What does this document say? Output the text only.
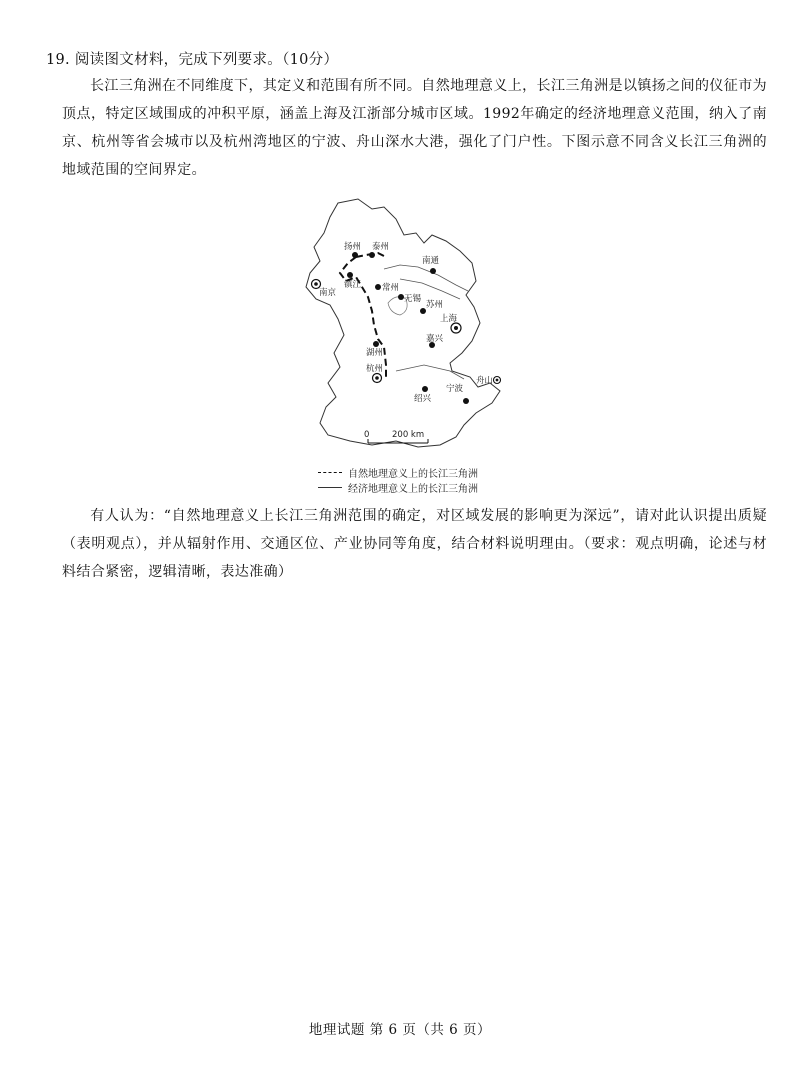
19. 阅读图文材料，完成下列要求。（10分）
长江三角洲在不同维度下，其定义和范围有所不同。自然地理意义上，长江三角洲是以镇扬之间的仪征市为顶点，特定区域围成的冲积平原，涵盖上海及江浙部分城市区域。1992年确定的经济地理意义范围，纳入了南京、杭州等省会城市以及杭州湾地区的宁波、舟山深水大港，强化了门户性。下图示意不同含义长江三角洲的地域范围的空间界定。
扬州 泰州
南通
南京
镇江 常州
无锡
苏州
上海
嘉兴
湖州
杭州
绍兴
宁波
舟山
0	200 km
自然地理意义上的长江三角洲
经济地理意义上的长江三角洲
有人认为：“自然地理意义上长江三角洲范围的确定，对区域发展的影响更为深远”，请对此认识提出质疑（表明观点），并从辐射作用、交通区位、产业协同等角度，结合材料说明理由。（要求：观点明确，论述与材料结合紧密，逻辑清晰，表达准确）
地理试题 第 6 页（共 6 页）
